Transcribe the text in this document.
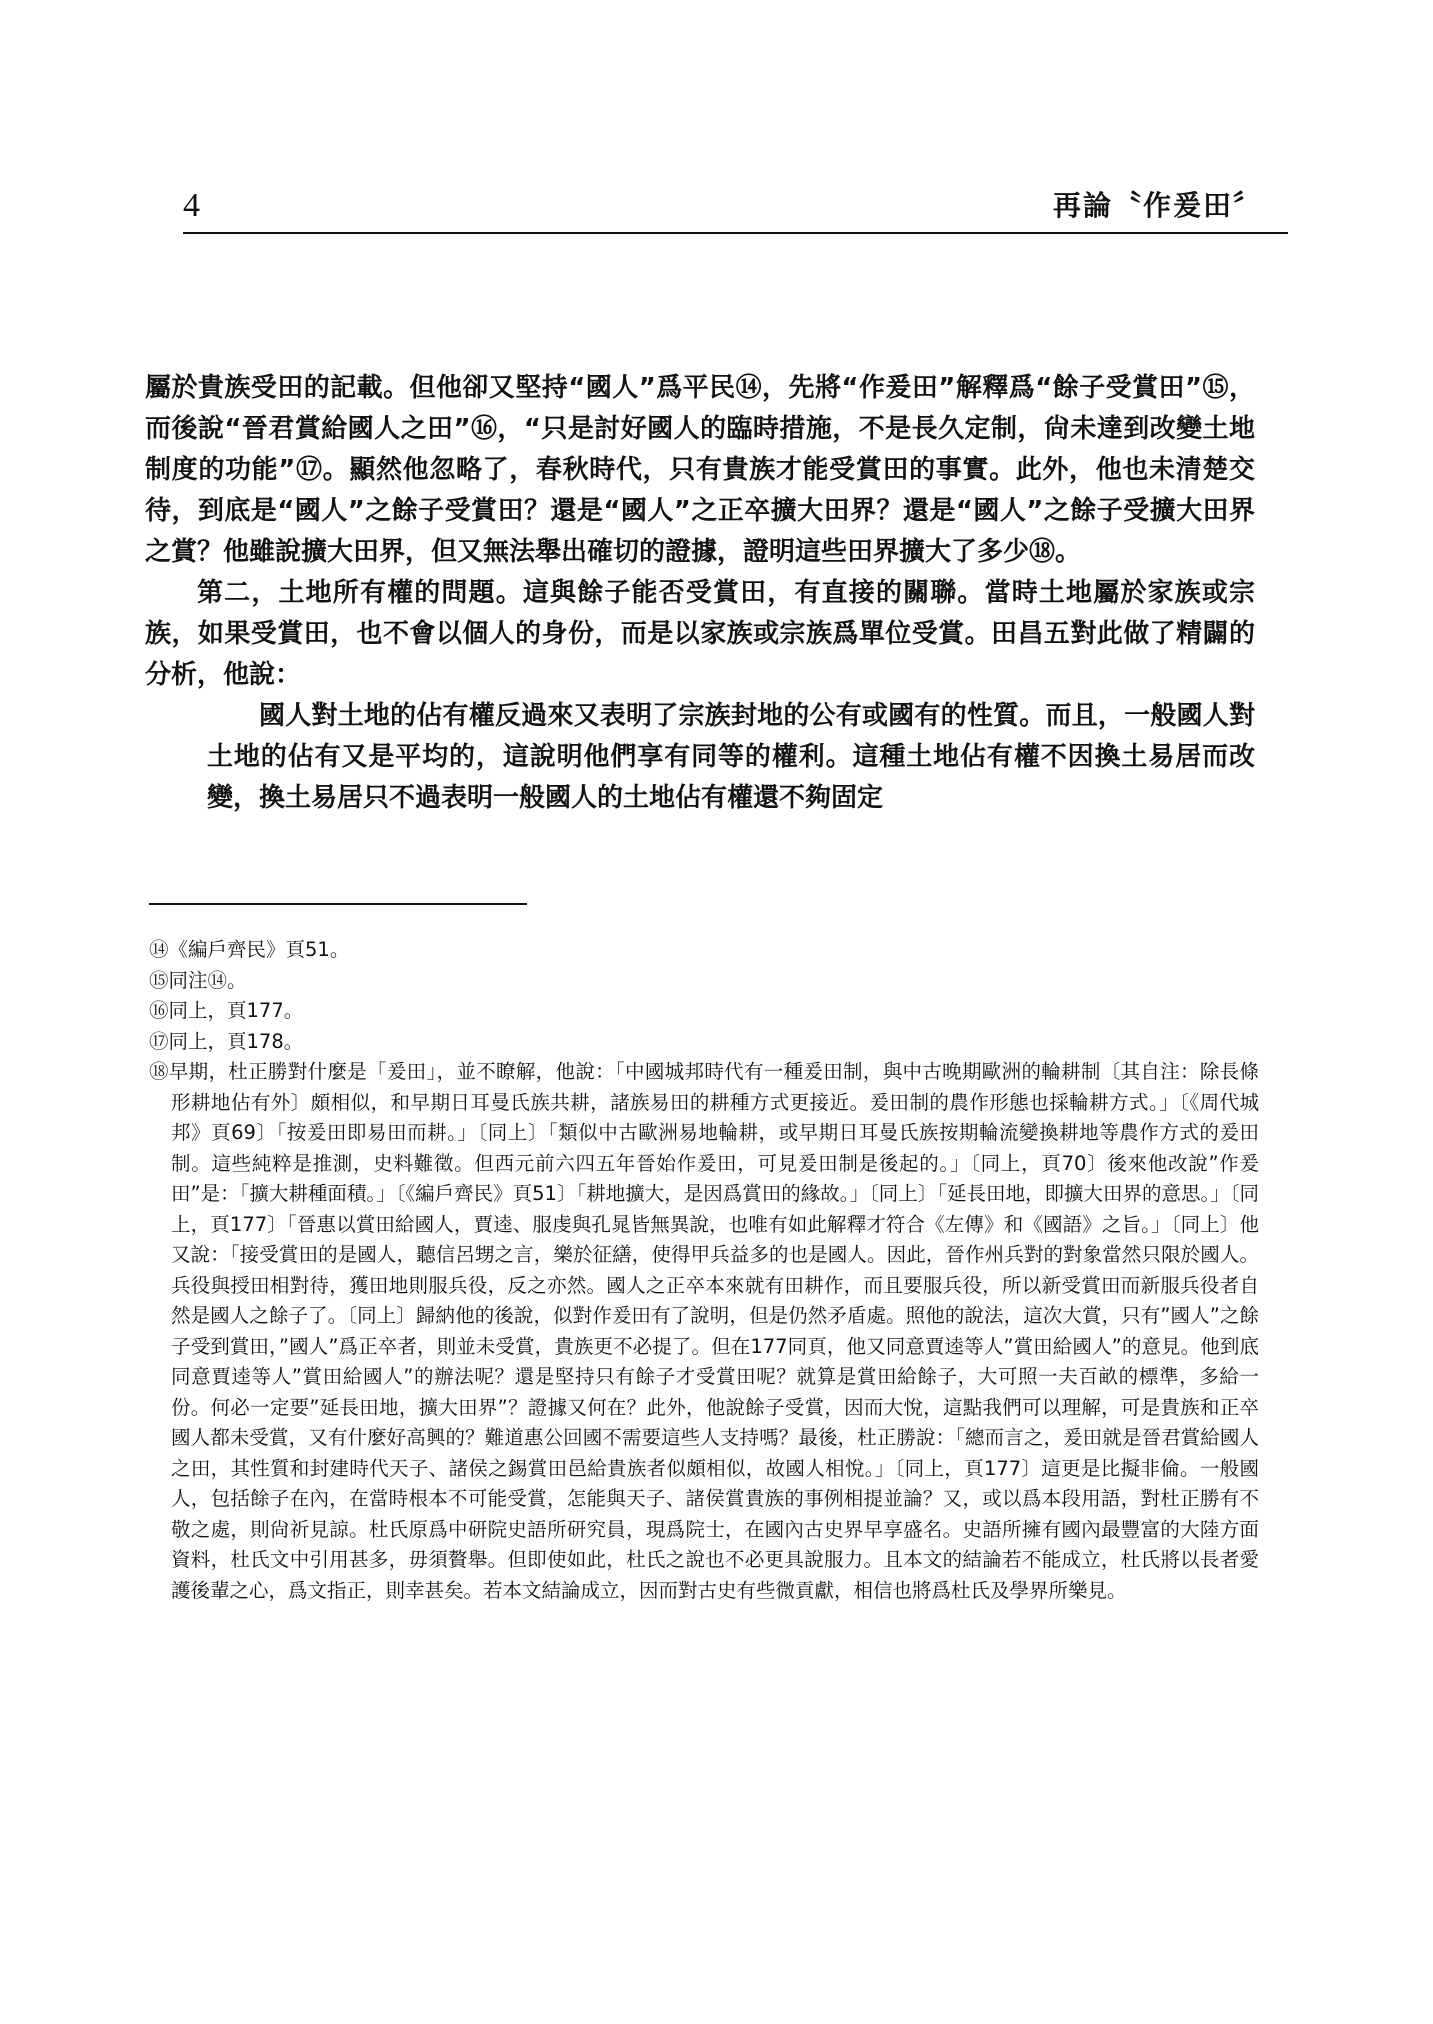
4	再論〝作爰田〞

屬於貴族受田的記載。但他卻又堅持“國人”爲平民⑭，先將“作爰田”解釋爲“餘子受賞田”⑮，而後說“晉君賞給國人之田”⑯，“只是討好國人的臨時措施，不是長久定制，尙未達到改變土地制度的功能”⑰。顯然他忽略了，春秋時代，只有貴族才能受賞田的事實。此外，他也未清楚交待，到底是“國人”之餘子受賞田？還是“國人”之正卒擴大田界？還是“國人”之餘子受擴大田界之賞？他雖說擴大田界，但又無法舉出確切的證據，證明這些田界擴大了多少⑱。

第二，土地所有權的問題。這與餘子能否受賞田，有直接的關聯。當時土地屬於家族或宗族，如果受賞田，也不會以個人的身份，而是以家族或宗族爲單位受賞。田昌五對此做了精闢的分析，他說：

國人對土地的佔有權反過來又表明了宗族封地的公有或國有的性質。而且，一般國人對土地的佔有又是平均的，這說明他們享有同等的權利。這種土地佔有權不因換土易居而改變，換土易居只不過表明一般國人的土地佔有權還不夠固定

⑭《編戶齊民》頁51。

⑮同注⑭。

⑯同上，頁177。

⑰同上，頁178。

⑱早期，杜正勝對什麼是「爰田」，並不瞭解，他說：「中國城邦時代有一種爰田制，與中古晚期歐洲的輪耕制〔其自注：除長條形耕地佔有外〕頗相似，和早期日耳曼氏族共耕，諸族易田的耕種方式更接近。爰田制的農作形態也採輪耕方式。」〔《周代城邦》頁69〕「按爰田即易田而耕。」〔同上〕「類似中古歐洲易地輪耕，或早期日耳曼氏族按期輪流變換耕地等農作方式的爰田制。這些純粹是推測，史料難徵。但西元前六四五年晉始作爰田，可見爰田制是後起的。」〔同上，頁70〕後來他改說”作爰田”是：「擴大耕種面積。」〔《編戶齊民》頁51〕「耕地擴大，是因爲賞田的緣故。」〔同上〕「延長田地，即擴大田界的意思。」〔同上，頁177〕「晉惠以賞田給國人，賈逵、服虔與孔晁皆無異說，也唯有如此解釋才符合《左傳》和《國語》之旨。」〔同上〕他又說：「接受賞田的是國人，聽信呂甥之言，樂於征繕，使得甲兵益多的也是國人。因此，晉作州兵對的對象當然只限於國人。兵役與授田相對待，獲田地則服兵役，反之亦然。國人之正卒本來就有田耕作，而且要服兵役，所以新受賞田而新服兵役者自然是國人之餘子了。〔同上〕歸納他的後說，似對作爰田有了說明，但是仍然矛盾處。照他的說法，這次大賞，只有”國人”之餘子受到賞田，”國人”爲正卒者，則並未受賞，貴族更不必提了。但在177同頁，他又同意賈逵等人”賞田給國人”的意見。他到底同意賈逵等人”賞田給國人”的辦法呢？還是堅持只有餘子才受賞田呢？就算是賞田給餘子，大可照一夫百畝的標準，多給一份。何必一定要”延長田地，擴大田界”？證據又何在？此外，他說餘子受賞，因而大悅，這點我們可以理解，可是貴族和正卒國人都未受賞，又有什麼好高興的？難道惠公回國不需要這些人支持嗎？最後，杜正勝說：「總而言之，爰田就是晉君賞給國人之田，其性質和封建時代天子、諸侯之錫賞田邑給貴族者似頗相似，故國人相悅。」〔同上，頁177〕這更是比擬非倫。一般國人，包括餘子在內，在當時根本不可能受賞，怎能與天子、諸侯賞貴族的事例相提並論？又，或以爲本段用語，對杜正勝有不敬之處，則尙祈見諒。杜氏原爲中研院史語所研究員，現爲院士，在國內古史界早享盛名。史語所擁有國內最豐富的大陸方面資料，杜氏文中引用甚多，毋須贅舉。但即使如此，杜氏之說也不必更具說服力。且本文的結論若不能成立，杜氏將以長者愛護後輩之心，爲文指正，則幸甚矣。若本文結論成立，因而對古史有些微貢獻，相信也將爲杜氏及學界所樂見。
